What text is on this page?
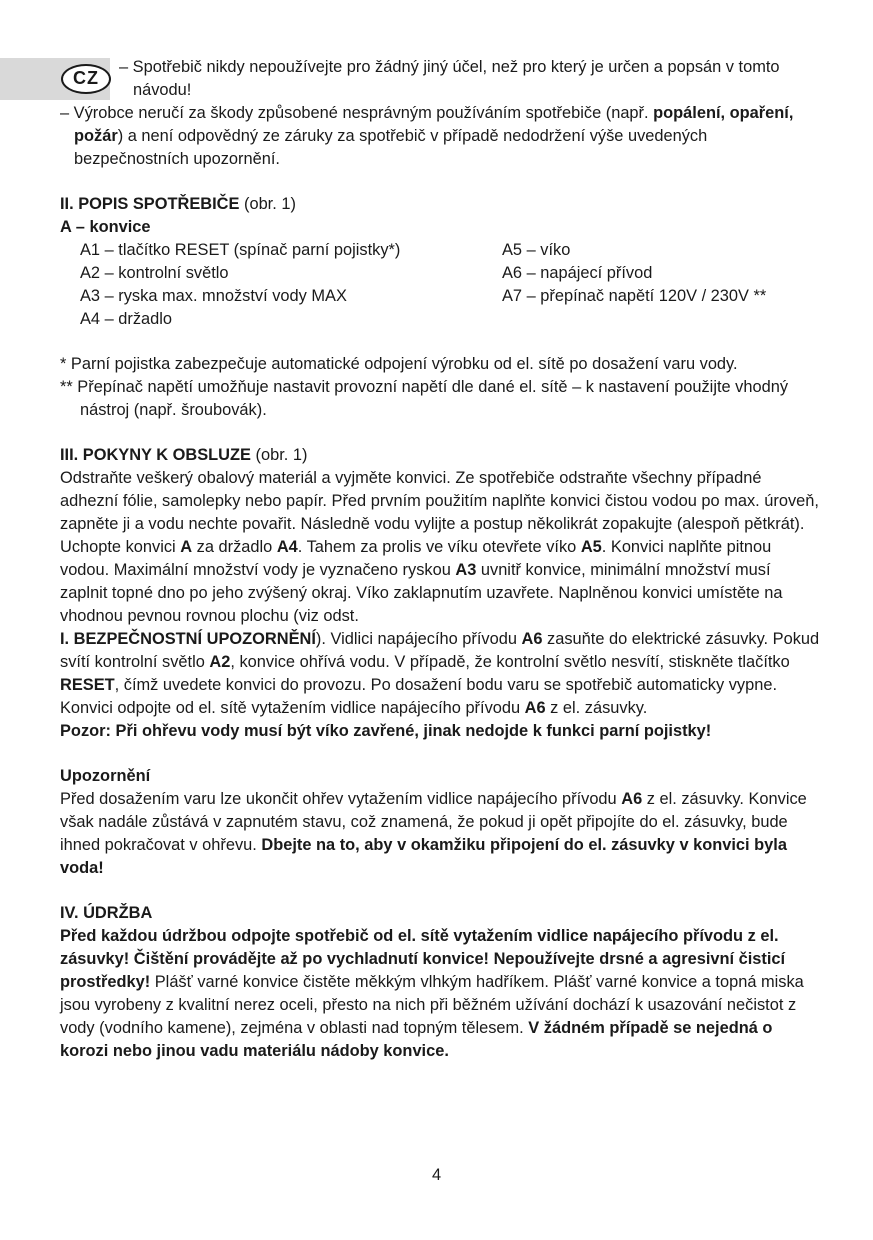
CZ

– Spotřebič nikdy nepoužívejte pro žádný jiný účel, než pro který je určen a popsán v tomto návodu!

– Výrobce neručí za škody způsobené nesprávným používáním spotřebiče (např. popálení, opaření, požár) a není odpovědný ze záruky za spotřebič v případě nedodržení výše uvedených bezpečnostních upozornění.

II. POPIS SPOTŘEBIČE (obr. 1)

A – konvice

A1 – tlačítko RESET (spínač parní pojistky*)

A2 – kontrolní světlo

A3 – ryska max. množství vody MAX

A4 – držadlo

A5 – víko

A6 – napájecí přívod

A7 – přepínač napětí 120V / 230V **

* Parní pojistka zabezpečuje automatické odpojení výrobku od el. sítě po dosažení varu vody.

** Přepínač napětí umožňuje nastavit provozní napětí dle dané el. sítě – k nastavení použijte vhodný nástroj (např. šroubovák).

III. POKYNY K OBSLUZE (obr. 1)

Odstraňte veškerý obalový materiál a vyjměte konvici. Ze spotřebiče odstraňte všechny případné adhezní fólie, samolepky nebo papír. Před prvním použitím naplňte konvici čistou vodou po max. úroveň, zapněte ji a vodu nechte povařit. Následně vodu vylijte a postup několikrát zopakujte (alespoň pětkrát).

Uchopte konvici A za držadlo A4. Tahem za prolis ve víku otevřete víko A5. Konvici naplňte pitnou vodou. Maximální množství vody je vyznačeno ryskou A3 uvnitř konvice, minimální množství musí zaplnit topné dno po jeho zvýšený okraj. Víko zaklapnutím uzavřete. Naplněnou konvici umístěte na vhodnou pevnou rovnou plochu (viz odst.

I. BEZPEČNOSTNÍ UPOZORNĚNÍ). Vidlici napájecího přívodu A6 zasuňte do elektrické zásuvky. Pokud svítí kontrolní světlo A2, konvice ohřívá vodu. V případě, že kontrolní světlo nesvítí, stiskněte tlačítko RESET, čímž uvedete konvici do provozu. Po dosažení bodu varu se spotřebič automaticky vypne. Konvici odpojte od el. sítě vytažením vidlice napájecího přívodu A6 z el. zásuvky.

Pozor: Při ohřevu vody musí být víko zavřené, jinak nedojde k funkci parní pojistky!

Upozornění

Před dosažením varu lze ukončit ohřev vytažením vidlice napájecího přívodu A6 z el. zásuvky. Konvice však nadále zůstává v zapnutém stavu, což znamená, že pokud ji opět připojíte do el. zásuvky, bude ihned pokračovat v ohřevu. Dbejte na to, aby v okamžiku připojení do el. zásuvky v konvici byla voda!

IV. ÚDRŽBA

Před každou údržbou odpojte spotřebič od el. sítě vytažením vidlice napájecího přívodu z el. zásuvky! Čištění provádějte až po vychladnutí konvice! Nepoužívejte drsné a agresivní čisticí prostředky! Plášť varné konvice čistěte měkkým vlhkým hadříkem. Plášť varné konvice a topná miska jsou vyrobeny z kvalitní nerez oceli, přesto na nich při běžném užívání dochází k usazování nečistot z vody (vodního kamene), zejména v oblasti nad topným tělesem. V žádném případě se nejedná o korozi nebo jinou vadu materiálu nádoby konvice.

4
